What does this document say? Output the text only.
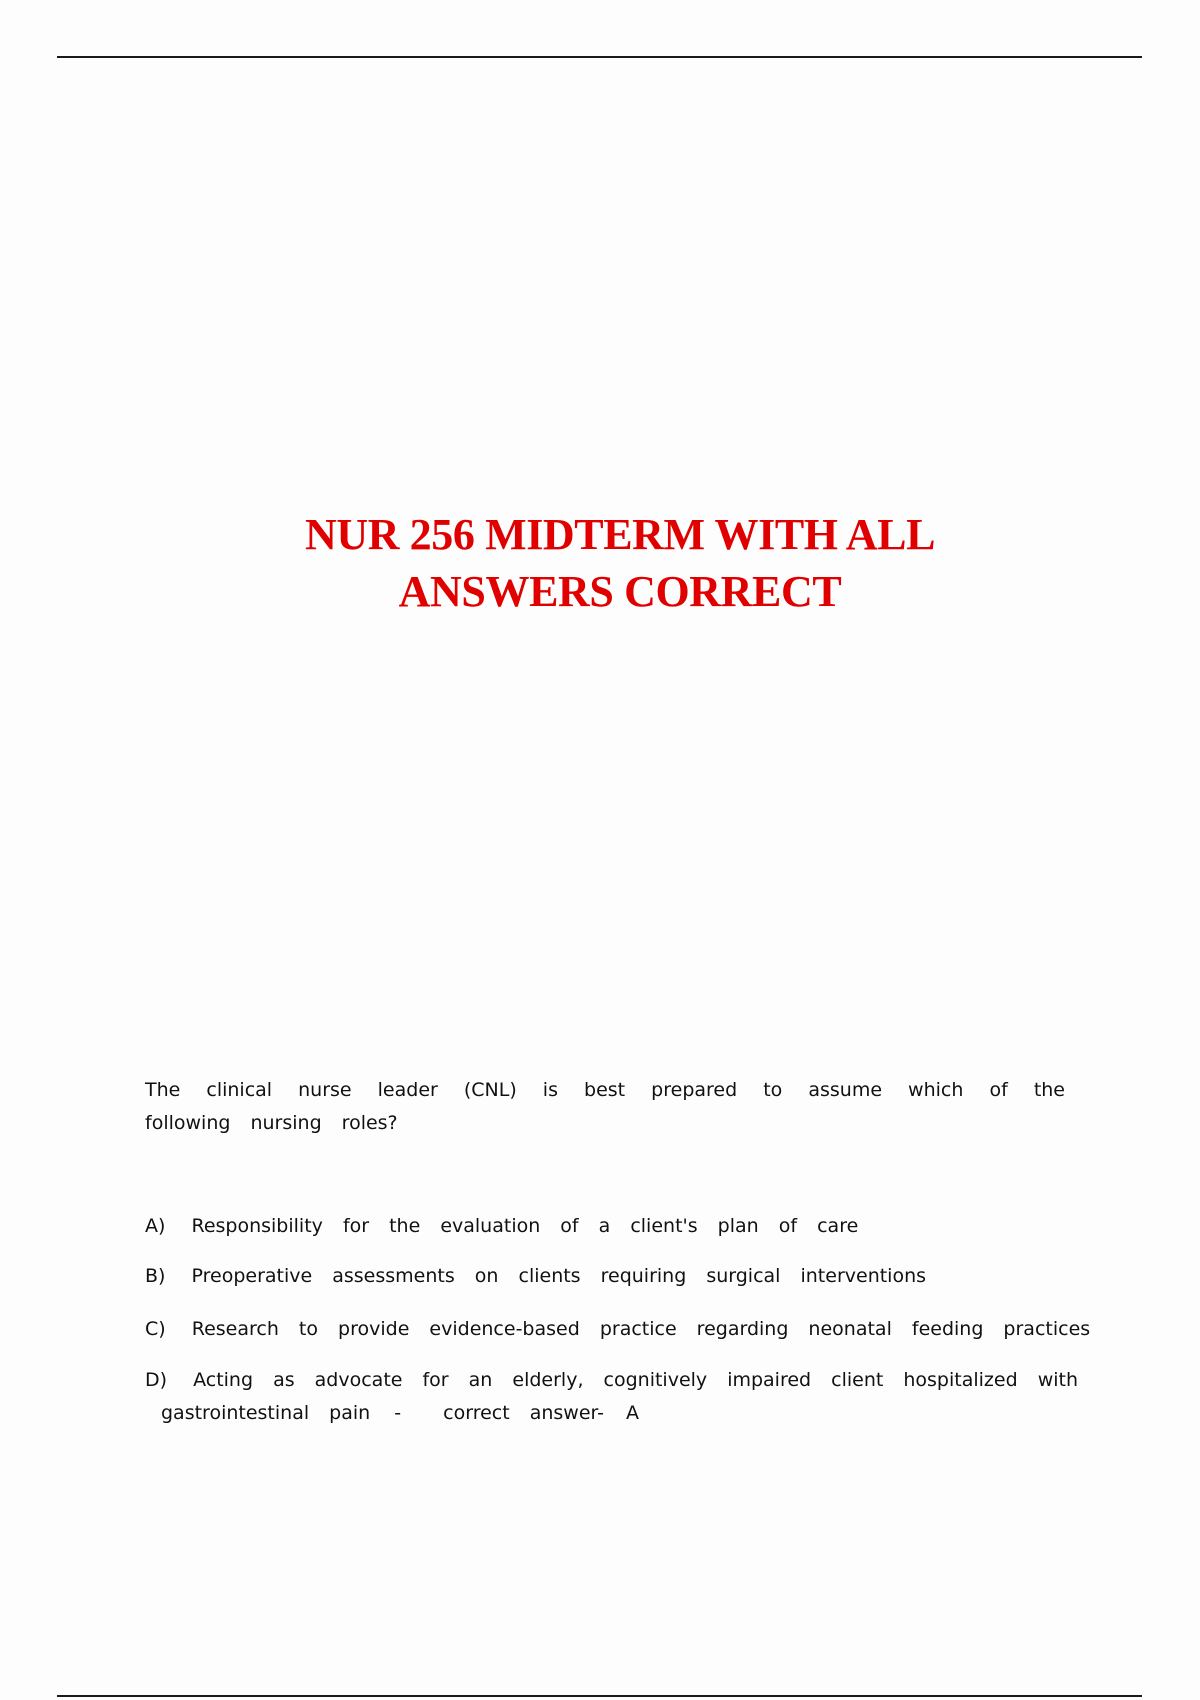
NUR 256 MIDTERM WITH ALL
ANSWERS CORRECT
The clinical nurse leader (CNL) is best prepared to assume which of the following nursing roles?
A) Responsibility for the evaluation of a client's plan of care
B) Preoperative assessments on clients requiring surgical interventions
C) Research to provide evidence-based practice regarding neonatal feeding practices
D) Acting as advocate for an elderly, cognitively impaired client hospitalized with
gastrointestinal pain - correct answer- A
